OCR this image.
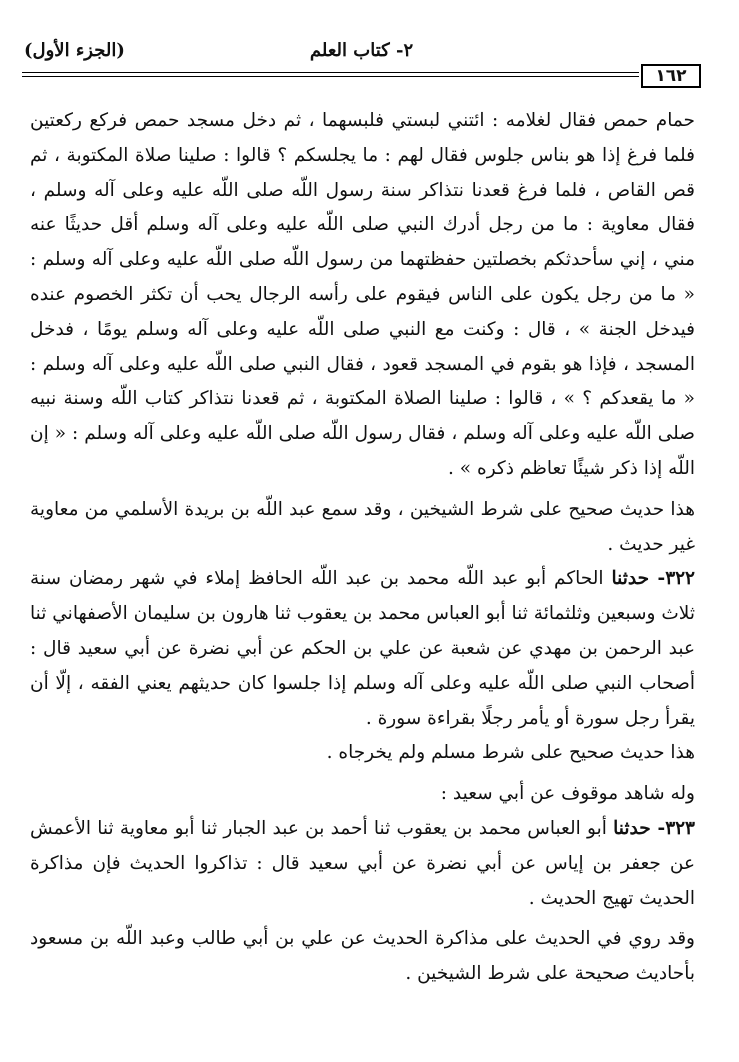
(الجزء الأول)	٢- كتاب العلم
١٦٢

حمام حمص فقال لغلامه : ائتني لبستي فلبسهما ، ثم دخل مسجد حمص فركع ركعتين فلما فرغ إذا هو بناس جلوس فقال لهم : ما يجلسكم ؟ قالوا : صلينا صلاة المكتوبة ، ثم قص القاص ، فلما فرغ قعدنا نتذاكر سنة رسول اللّه صلى اللّه عليه وعلى آله وسلم ، فقال معاوية : ما من رجل أدرك النبي صلى اللّه عليه وعلى آله وسلم أقل حديثًا عنه مني ، إني سأحدثكم بخصلتين حفظتهما من رسول اللّه صلى اللّه عليه وعلى آله وسلم : « ما من رجل يكون على الناس فيقوم على رأسه الرجال يحب أن تكثر الخصوم عنده فيدخل الجنة » ، قال : وكنت مع النبي صلى اللّه عليه وعلى آله وسلم يومًا ، فدخل المسجد ، فإذا هو بقوم في المسجد قعود ، فقال النبي صلى اللّه عليه وعلى آله وسلم : « ما يقعدكم ؟ » ، قالوا : صلينا الصلاة المكتوبة ، ثم قعدنا نتذاكر كتاب اللّه وسنة نبيه صلى اللّه عليه وعلى آله وسلم ، فقال رسول اللّه صلى اللّه عليه وعلى آله وسلم : « إن اللّه إذا ذكر شيئًا تعاظم ذكره » .

هذا حديث صحيح على شرط الشيخين ، وقد سمع عبد اللّه بن بريدة الأسلمي من معاوية غير حديث .

٣٢٢- حدثنا الحاكم أبو عبد اللّه محمد بن عبد اللّه الحافظ إملاء في شهر رمضان سنة ثلاث وسبعين وثلثمائة ثنا أبو العباس محمد بن يعقوب ثنا هارون بن سليمان الأصفهاني ثنا عبد الرحمن بن مهدي عن شعبة عن علي بن الحكم عن أبي نضرة عن أبي سعيد قال : أصحاب النبي صلى اللّه عليه وعلى آله وسلم إذا جلسوا كان حديثهم يعني الفقه ، إلّا أن يقرأ رجل سورة أو يأمر رجلًا بقراءة سورة .

هذا حديث صحيح على شرط مسلم ولم يخرجاه .

وله شاهد موقوف عن أبي سعيد :

٣٢٣- حدثنا أبو العباس محمد بن يعقوب ثنا أحمد بن عبد الجبار ثنا أبو معاوية ثنا الأعمش عن جعفر بن إياس عن أبي نضرة عن أبي سعيد قال : تذاكروا الحديث فإن مذاكرة الحديث تهيج الحديث .

وقد روي في الحديث على مذاكرة الحديث عن علي بن أبي طالب وعبد اللّه بن مسعود بأحاديث صحيحة على شرط الشيخين .
